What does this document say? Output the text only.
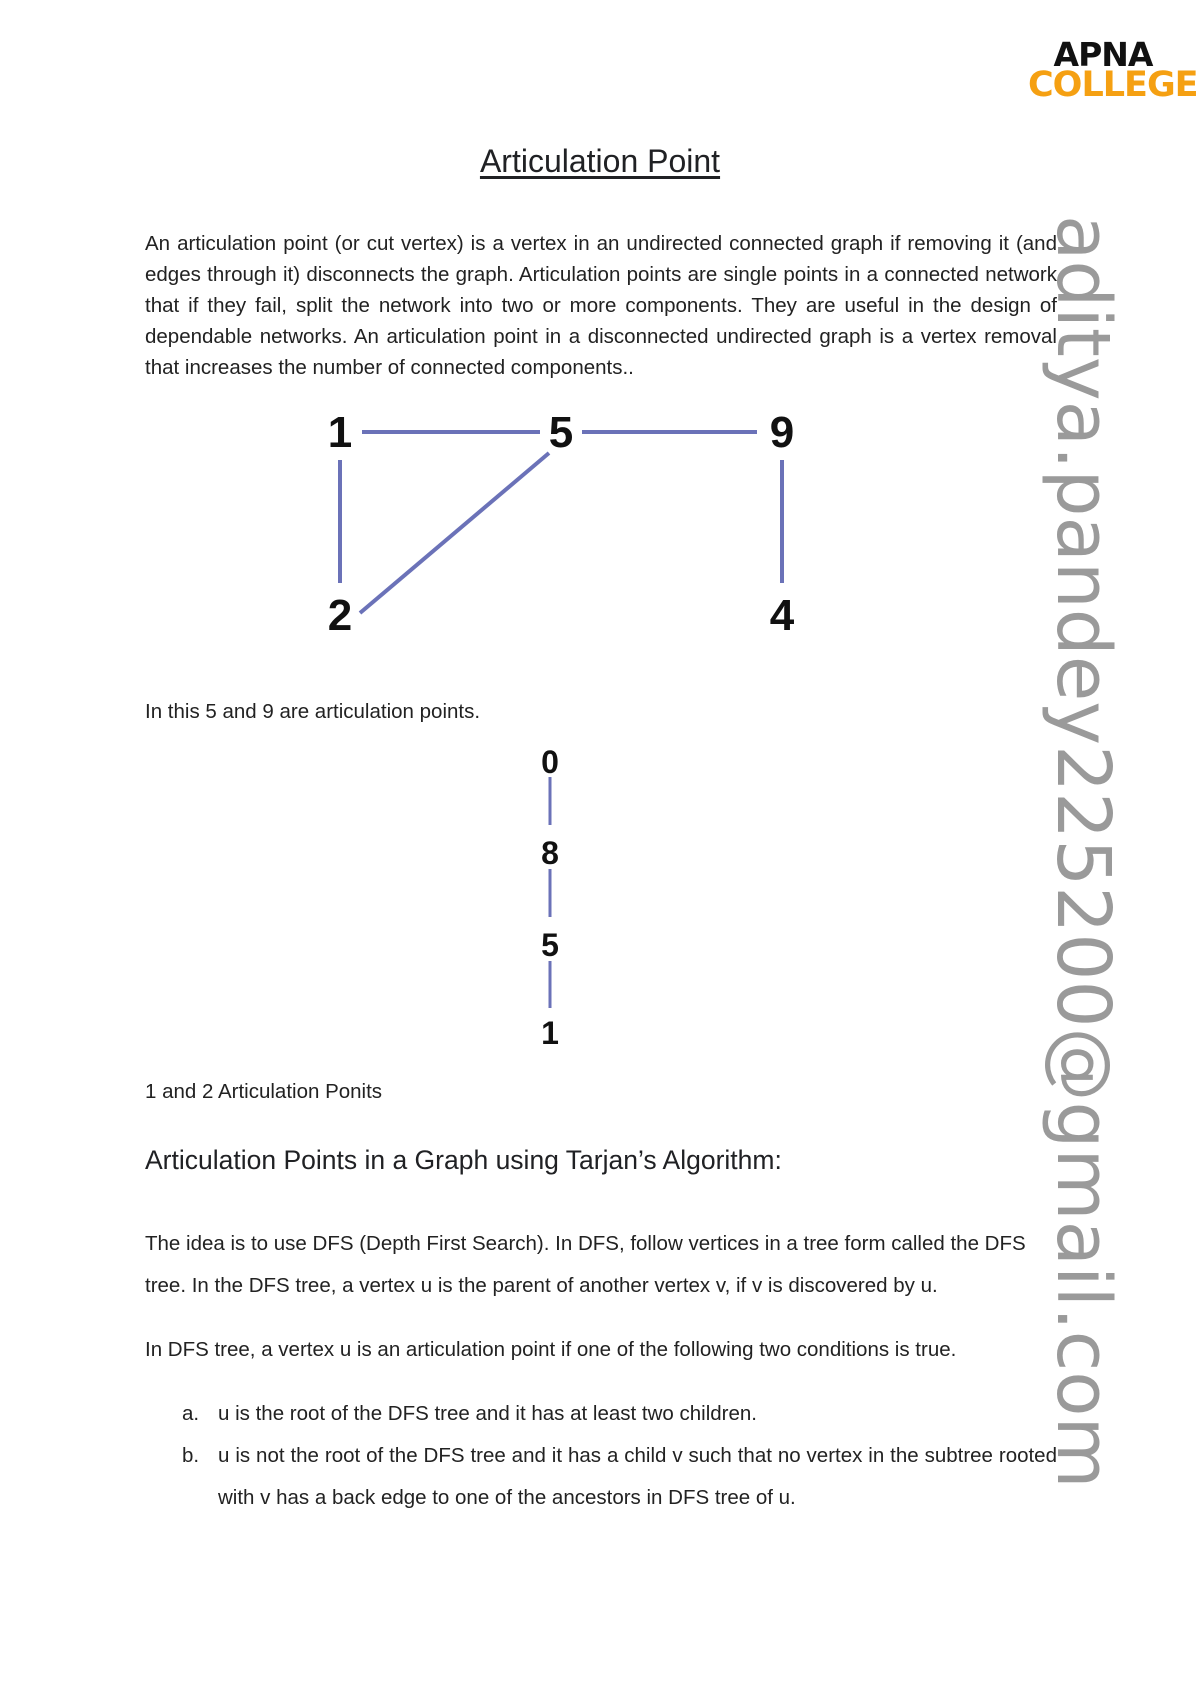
APNA
COLLEGE
aditya.pandey225200@gmail.com
Articulation Point
An articulation point (or cut vertex) is a vertex in an undirected connected graph if removing it (and edges through it) disconnects the graph. Articulation points are single points in a connected network that if they fail, split the network into two or more components. They are useful in the design of dependable networks. An articulation point in a disconnected undirected graph is a vertex removal that increases the number of connected components..
1	5	9
2	4
In this 5 and 9 are articulation points.
0
8
5
1
1 and 2 Articulation Ponits
Articulation Points in a Graph using Tarjan’s Algorithm:
The idea is to use DFS (Depth First Search). In DFS, follow vertices in a tree form called the DFS tree. In the DFS tree, a vertex u is the parent of another vertex v, if v is discovered by u.
In DFS tree, a vertex u is an articulation point if one of the following two conditions is true.
a. u is the root of the DFS tree and it has at least two children.
b. u is not the root of the DFS tree and it has a child v such that no vertex in the subtree rooted with v has a back edge to one of the ancestors in DFS tree of u.
